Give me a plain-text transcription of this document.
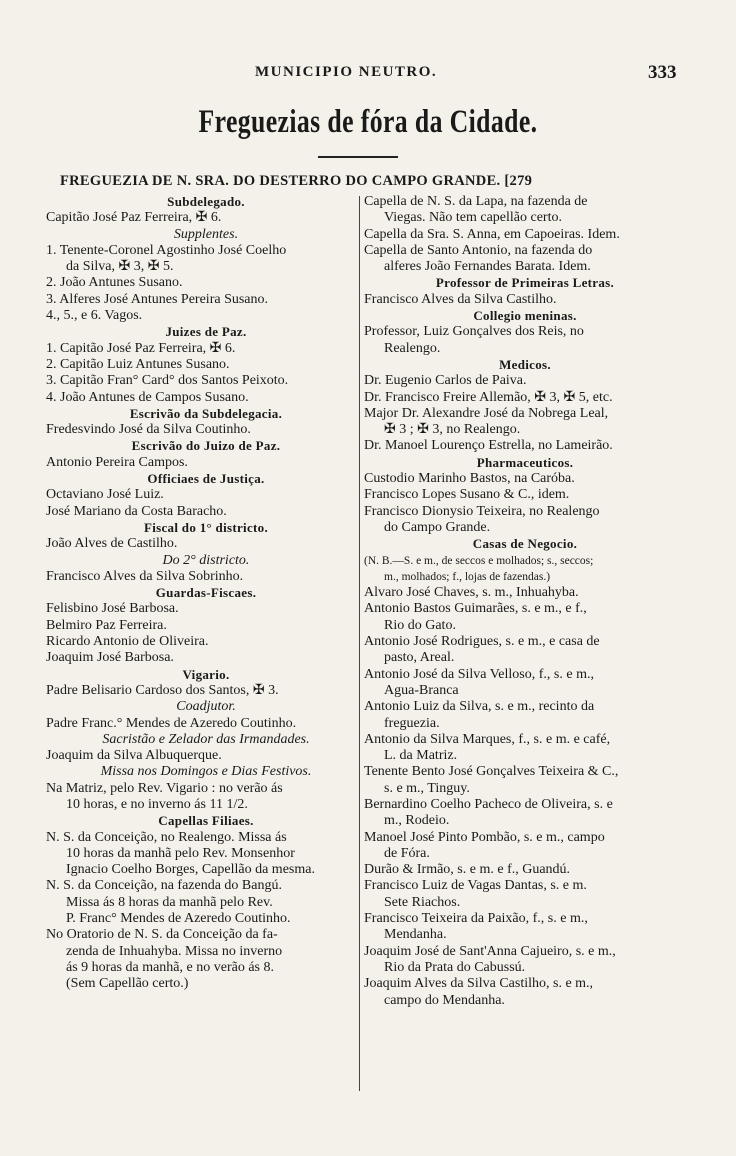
MUNICIPIO NEUTRO.	333
Freguezias de fóra da Cidade.
FREGUEZIA DE N. SRA. DO DESTERRO DO CAMPO GRANDE. [279
Subdelegado.
Capitão José Paz Ferreira, ✠ 6.
Supplentes.
1. Tenente-Coronel Agostinho José Coelho
da Silva, ✠ 3, ✠ 5.
2. João Antunes Susano.
3. Alferes José Antunes Pereira Susano.
4., 5., e 6. Vagos.
Juizes de Paz.
1. Capitão José Paz Ferreira, ✠ 6.
2. Capitão Luiz Antunes Susano.
3. Capitão Fran° Card° dos Santos Peixoto.
4. João Antunes de Campos Susano.
Escrivão da Subdelegacia.
Fredesvindo José da Silva Coutinho.
Escrivão do Juizo de Paz.
Antonio Pereira Campos.
Officiaes de Justiça.
Octaviano José Luiz.
José Mariano da Costa Baracho.
Fiscal do 1° districto.
João Alves de Castilho.
Do 2° districto.
Francisco Alves da Silva Sobrinho.
Guardas-Fiscaes.
Felisbino José Barbosa.
Belmiro Paz Ferreira.
Ricardo Antonio de Oliveira.
Joaquim José Barbosa.
Vigario.
Padre Belisario Cardoso dos Santos, ✠ 3.
Coadjutor.
Padre Franc.° Mendes de Azeredo Coutinho.
Sacristão e Zelador das Irmandades.
Joaquim da Silva Albuquerque.
Missa nos Domingos e Dias Festivos.
Na Matriz, pelo Rev. Vigario : no verão ás
10 horas, e no inverno ás 11 1/2.
Capellas Filiaes.
N. S. da Conceição, no Realengo. Missa ás
10 horas da manhã pelo Rev. Monsenhor
Ignacio Coelho Borges, Capellão da mesma.
N. S. da Conceição, na fazenda do Bangú.
Missa ás 8 horas da manhã pelo Rev.
P. Franc° Mendes de Azeredo Coutinho.
No Oratorio de N. S. da Conceição da fa-
zenda de Inhuahyba. Missa no inverno
ás 9 horas da manhã, e no verão ás 8.
(Sem Capellão certo.)
Capella de N. S. da Lapa, na fazenda de
Viegas. Não tem capellão certo.
Capella da Sra. S. Anna, em Capoeiras. Idem.
Capella de Santo Antonio, na fazenda do
alferes João Fernandes Barata. Idem.
Professor de Primeiras Letras.
Francisco Alves da Silva Castilho.
Collegio meninas.
Professor, Luiz Gonçalves dos Reis, no
Realengo.
Medicos.
Dr. Eugenio Carlos de Paiva.
Dr. Francisco Freire Allemão, ✠ 3, ✠ 5, etc.
Major Dr. Alexandre José da Nobrega Leal,
✠ 3 ; ✠ 3, no Realengo.
Dr. Manoel Lourenço Estrella, no Lameirão.
Pharmaceuticos.
Custodio Marinho Bastos, na Caróba.
Francisco Lopes Susano & C., idem.
Francisco Dionysio Teixeira, no Realengo
do Campo Grande.
Casas de Negocio.
(N. B.—S. e m., de seccos e molhados; s., seccos;
m., molhados; f., lojas de fazendas.)
Alvaro José Chaves, s. m., Inhuahyba.
Antonio Bastos Guimarães, s. e m., e f.,
Rio do Gato.
Antonio José Rodrigues, s. e m., e casa de
pasto, Areal.
Antonio José da Silva Velloso, f., s. e m.,
Agua-Branca
Antonio Luiz da Silva, s. e m., recinto da
freguezia.
Antonio da Silva Marques, f., s. e m. e café,
L. da Matriz.
Tenente Bento José Gonçalves Teixeira & C.,
s. e m., Tinguy.
Bernardino Coelho Pacheco de Oliveira, s. e
m., Rodeio.
Manoel José Pinto Pombão, s. e m., campo
de Fóra.
Durão & Irmão, s. e m. e f., Guandú.
Francisco Luiz de Vagas Dantas, s. e m.
Sete Riachos.
Francisco Teixeira da Paixão, f., s. e m.,
Mendanha.
Joaquim José de Sant'Anna Cajueiro, s. e m.,
Rio da Prata do Cabussú.
Joaquim Alves da Silva Castilho, s. e m.,
campo do Mendanha.
